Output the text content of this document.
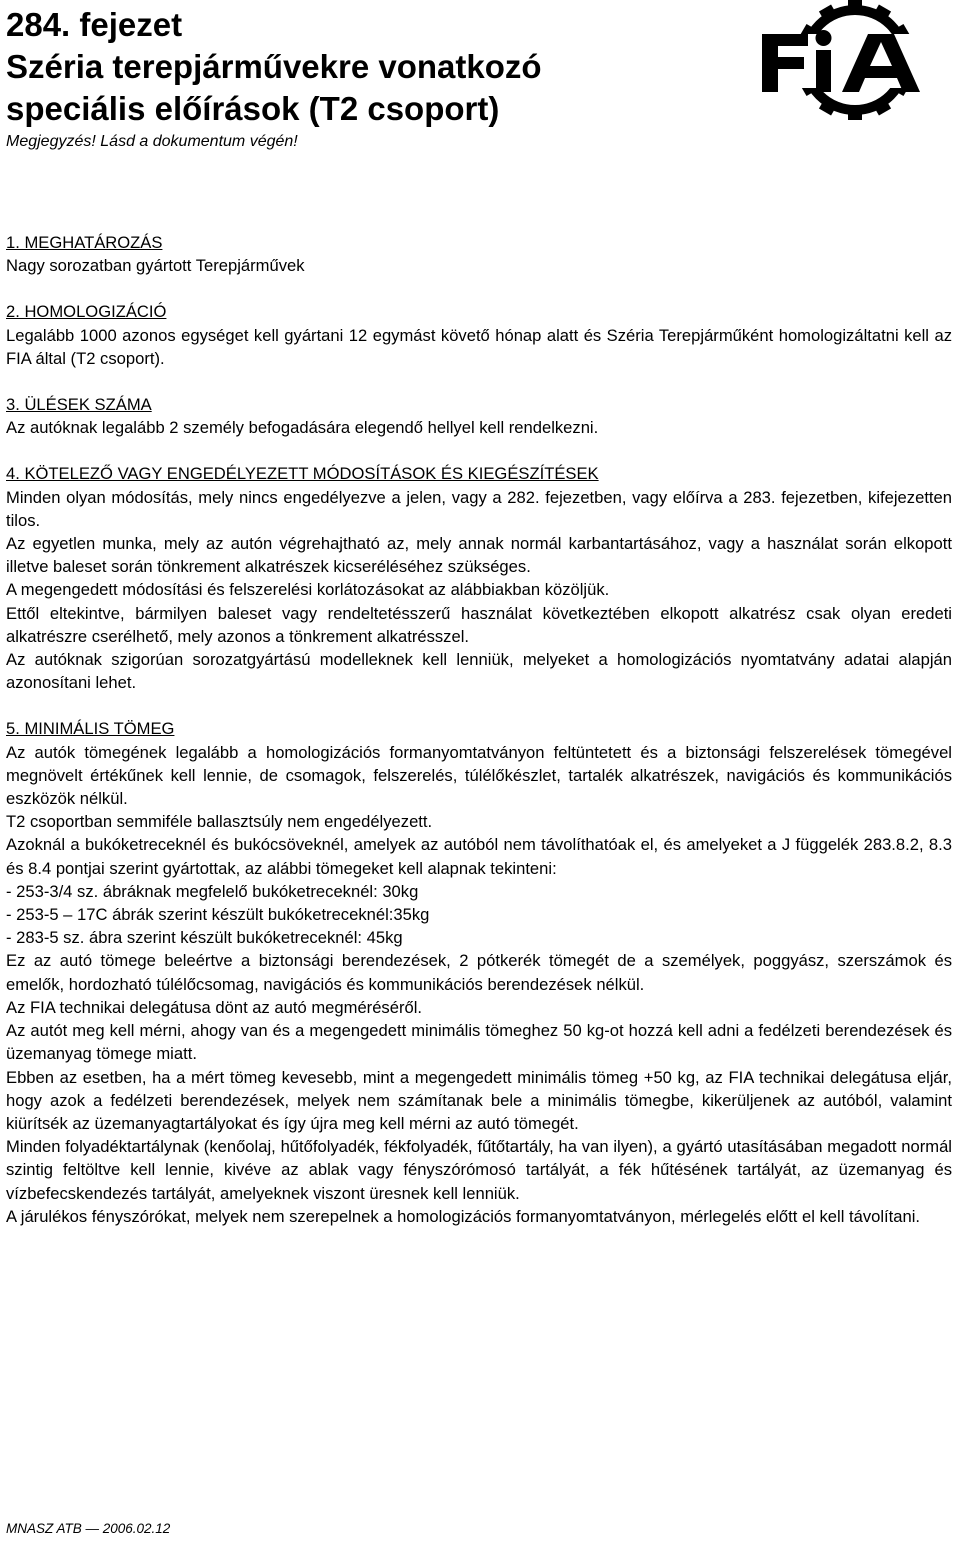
284. fejezet

Széria terepjárművekre vonatkozó

speciális előírások (T2 csoport)

Megjegyzés! Lásd a dokumentum végén!

1. MEGHATÁROZÁS

Nagy sorozatban gyártott Terepjárművek

2. HOMOLOGIZÁCIÓ

Legalább 1000 azonos egységet kell gyártani 12 egymást követő hónap alatt és Széria Terepjárműként homologizáltatni kell az FIA által (T2 csoport).

3. ÜLÉSEK SZÁMA

Az autóknak legalább 2 személy befogadására elegendő hellyel kell rendelkezni.

4. KÖTELEZŐ VAGY ENGEDÉLYEZETT MÓDOSÍTÁSOK ÉS KIEGÉSZÍTÉSEK

Minden olyan módosítás, mely nincs engedélyezve a jelen, vagy a 282. fejezetben, vagy előírva a 283. fejezetben, kifejezetten tilos.

Az egyetlen munka, mely az autón végrehajtható az, mely annak normál karbantartásához, vagy a használat során elkopott illetve baleset során tönkrement alkatrészek kicseréléséhez szükséges.

A megengedett módosítási és felszerelési korlátozásokat az alábbiakban közöljük.

Ettől eltekintve, bármilyen baleset vagy rendeltetésszerű használat következtében elkopott alkatrész csak olyan eredeti alkatrészre cserélhető, mely azonos a tönkrement alkatrésszel.

Az autóknak szigorúan sorozatgyártású modelleknek kell lenniük, melyeket a homologizációs nyomtatvány adatai alapján azonosítani lehet.

5. MINIMÁLIS TÖMEG

Az autók tömegének legalább a homologizációs formanyomtatványon feltüntetett és a biztonsági felszerelések tömegével megnövelt értékűnek kell lennie, de csomagok, felszerelés, túlélőkészlet, tartalék alkatrészek, navigációs és kommunikációs eszközök nélkül.

T2 csoportban semmiféle ballasztsúly nem engedélyezett.

Azoknál a bukóketreceknél és bukócsöveknél, amelyek az autóból nem távolíthatóak el, és amelyeket a J függelék 283.8.2, 8.3 és 8.4 pontjai szerint gyártottak, az alábbi tömegeket kell alapnak tekinteni:

- 253-3/4 sz. ábráknak megfelelő bukóketreceknél: 30kg

- 253-5 – 17C ábrák szerint készült bukóketreceknél:35kg

- 283-5 sz. ábra szerint készült bukóketreceknél: 45kg

Ez az autó tömege beleértve a biztonsági berendezések, 2 pótkerék tömegét de a személyek, poggyász, szerszámok és emelők, hordozható túlélőcsomag, navigációs és kommunikációs berendezések nélkül.

Az FIA technikai delegátusa dönt az autó megméréséről.

Az autót meg kell mérni, ahogy van és a megengedett minimális tömeghez 50 kg-ot hozzá kell adni a fedélzeti berendezések és üzemanyag tömege miatt.

Ebben az esetben, ha a mért tömeg kevesebb, mint a megengedett minimális tömeg +50 kg, az FIA technikai delegátusa eljár, hogy azok a fedélzeti berendezések, melyek nem számítanak bele a minimális tömegbe, kikerüljenek az autóból, valamint kiürítsék az üzemanyagtartályokat és így újra meg kell mérni az autó tömegét.

Minden folyadéktartálynak (kenőolaj, hűtőfolyadék, fékfolyadék, fűtőtartály, ha van ilyen), a gyártó utasításában megadott normál szintig feltöltve kell lennie, kivéve az ablak vagy fényszórómosó tartályát, a fék hűtésének tartályát, az üzemanyag és vízbefecskendezés tartályát, amelyeknek viszont üresnek kell lenniük.

A járulékos fényszórókat, melyek nem szerepelnek a homologizációs formanyomtatványon, mérlegelés előtt el kell távolítani.

MNASZ ATB — 2006.02.12
